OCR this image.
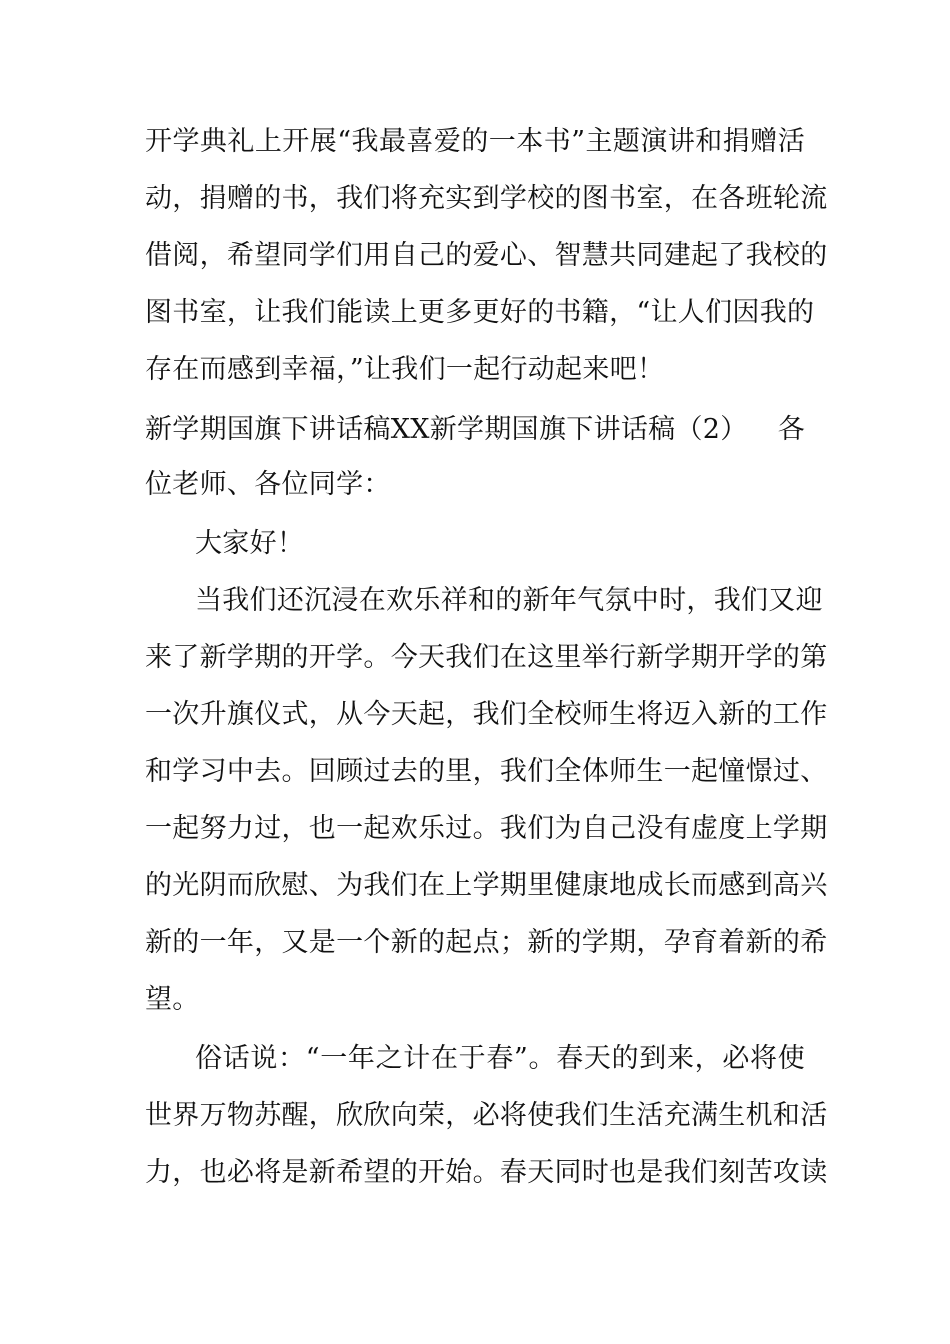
开学典礼上开展“我最喜爱的一本书”主题演讲和捐赠活
动，捐赠的书，我们将充实到学校的图书室，在各班轮流
借阅，希望同学们用自己的爱心、智慧共同建起了我校的
图书室，让我们能读上更多更好的书籍，“让人们因我的
存在而感到幸福，”让我们一起行动起来吧！
新学期国旗下讲话稿XX新学期国旗下讲话稿（2） 各
位老师、各位同学：
大家好！
当我们还沉浸在欢乐祥和的新年气氛中时，我们又迎
来了新学期的开学。今天我们在这里举行新学期开学的第
一次升旗仪式，从今天起，我们全校师生将迈入新的工作
和学习中去。回顾过去的里，我们全体师生一起憧憬过、
一起努力过，也一起欢乐过。我们为自己没有虚度上学期
的光阴而欣慰、为我们在上学期里健康地成长而感到高兴
新的一年，又是一个新的起点；新的学期，孕育着新的希
望。
俗话说：“一年之计在于春”。春天的到来，必将使
世界万物苏醒，欣欣向荣，必将使我们生活充满生机和活
力，也必将是新希望的开始。春天同时也是我们刻苦攻读
